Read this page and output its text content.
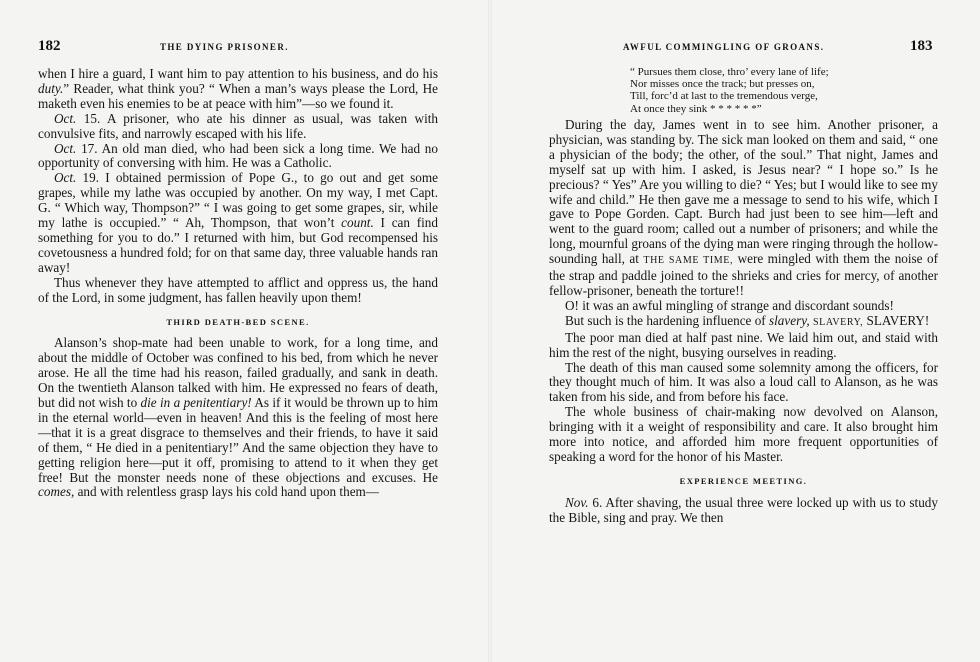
182	THE DYING PRISONER.

when I hire a guard, I want him to pay attention to his business, and do his duty.” Reader, what think you? “ When a man’s ways please the Lord, He maketh even his enemies to be at peace with him”—so we found it.

Oct. 15. A prisoner, who ate his dinner as usual, was taken with convulsive fits, and narrowly escaped with his life.

Oct. 17. An old man died, who had been sick a long time. We had no opportunity of conversing with him. He was a Catholic.

Oct. 19. I obtained permission of Pope G., to go out and get some grapes, while my lathe was occupied by another. On my way, I met Capt. G. “ Which way, Thompson?” “ I was going to get some grapes, sir, while my lathe is occupied.” “ Ah, Thompson, that won’t count. I can find something for you to do.” I returned with him, but God recompensed his covetousness a hundred fold; for on that same day, three valuable hands ran away!

Thus whenever they have attempted to afflict and oppress us, the hand of the Lord, in some judgment, has fallen heavily upon them!

THIRD DEATH-BED SCENE.

Alanson’s shop-mate had been unable to work, for a long time, and about the middle of October was confined to his bed, from which he never arose. He all the time had his reason, failed gradually, and sank in death. On the twentieth Alanson talked with him. He expressed no fears of death, but did not wish to die in a penitentiary! As if it would be thrown up to him in the eternal world—even in heaven! And this is the feeling of most here—that it is a great disgrace to themselves and their friends, to have it said of them, “ He died in a penitentiary!” And the same objection they have to getting religion here—put it off, promising to attend to it when they get free! But the monster needs none of these objections and excuses. He comes, and with relentless grasp lays his cold hand upon them—

AWFUL COMMINGLING OF GROANS.	183

During the day, James went in to see him. Another prisoner, a physician, was standing by. The sick man looked on them and said, “ one a physician of the body; the other, of the soul.” That night, James and myself sat up with him. I asked, is Jesus near? “ I hope so.” Is he precious? “ Yes” Are you willing to die? “ Yes; but I would like to see my wife and child.” He then gave me a message to send to his wife, which I gave to Pope Gorden. Capt. Burch had just been to see him—left and went to the guard room; called out a number of prisoners; and while the long, mournful groans of the dying man were ringing through the hollow-sounding hall, at THE SAME TIME, were mingled with them the noise of the strap and paddle joined to the shrieks and cries for mercy, of another fellow-prisoner, beneath the torture!!

O! it was an awful mingling of strange and discordant sounds!

But such is the hardening influence of slavery, SLAVERY, SLAVERY!

The poor man died at half past nine. We laid him out, and staid with him the rest of the night, busying ourselves in reading.

The death of this man caused some solemnity among the officers, for they thought much of him. It was also a loud call to Alanson, as he was taken from his side, and from before his face.

The whole business of chair-making now devolved on Alanson, bringing with it a weight of responsibility and care. It also brought him more into notice, and afforded him more frequent opportunities of speaking a word for the honor of his Master.

EXPERIENCE MEETING.

Nov. 6. After shaving, the usual three were locked up with us to study the Bible, sing and pray. We then

“ Pursues them close, thro’ every lane of life;
Nor misses once the track; but presses on,
Till, forc’d at last to the tremendous verge,
At once they sink * * * * * *”
